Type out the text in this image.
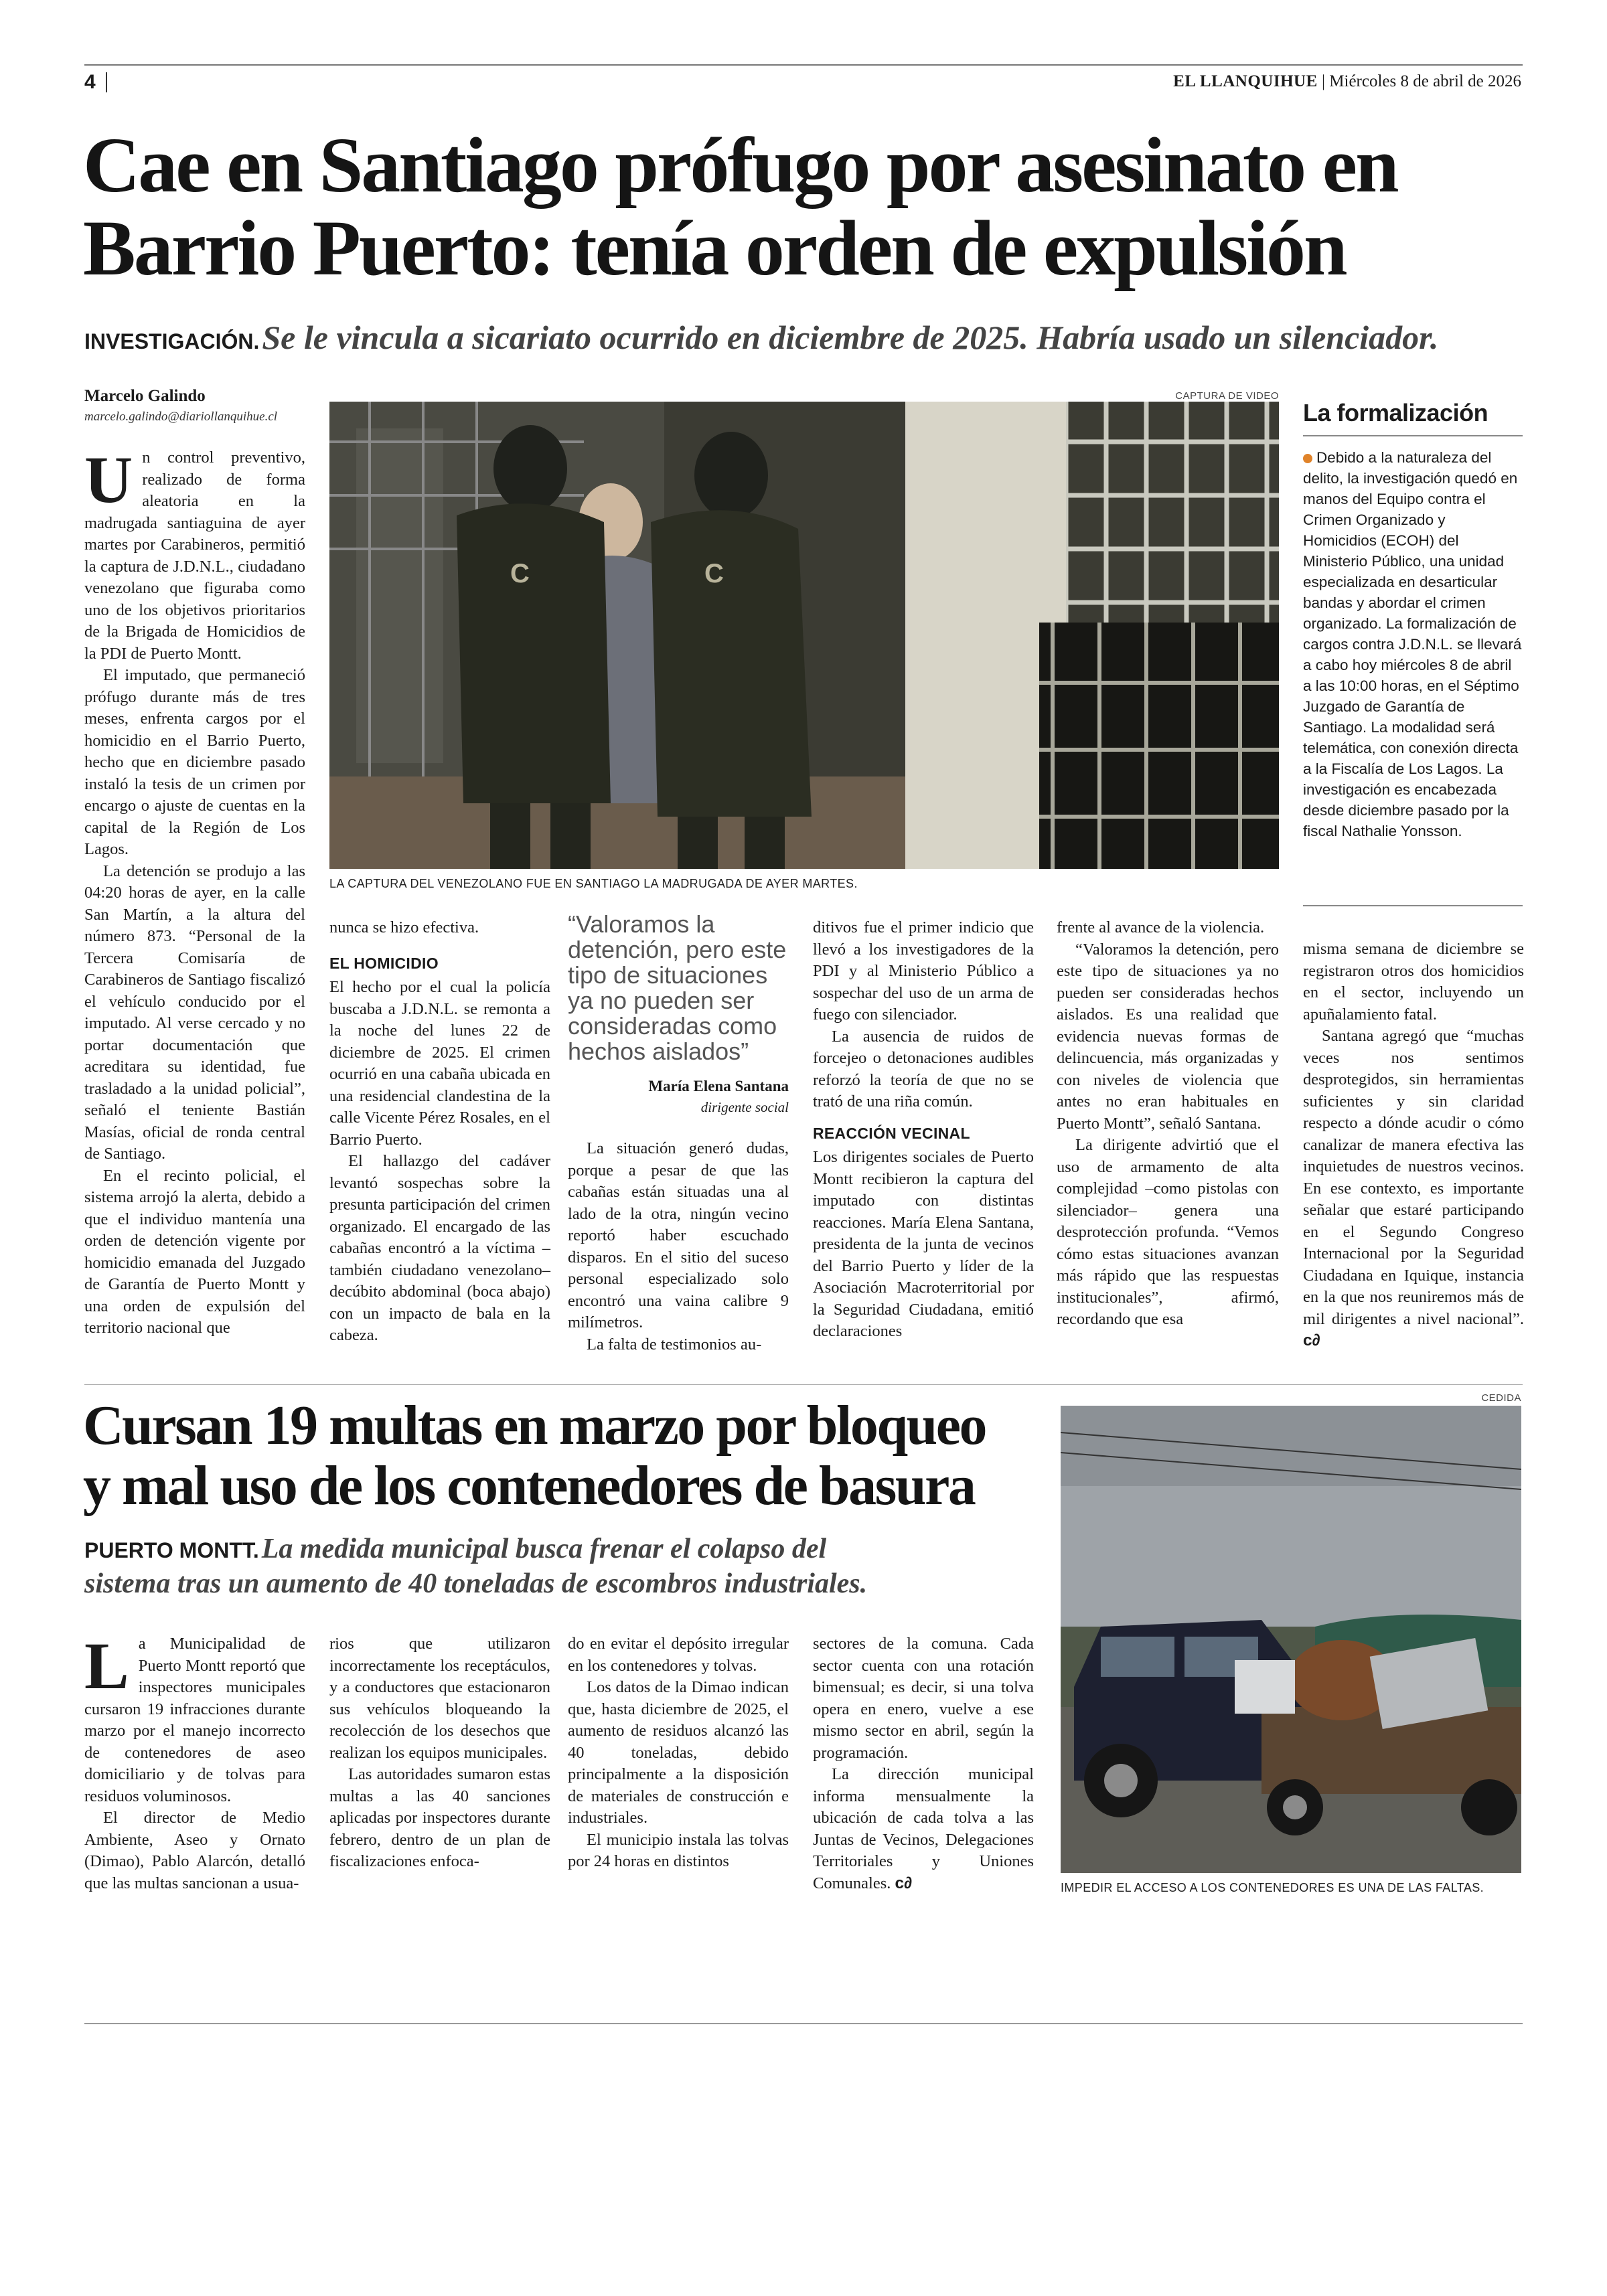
4	EL LLANQUIHUE | Miércoles 8 de abril de 2026
Cae en Santiago prófugo por asesinato en
Barrio Puerto: tenía orden de expulsión
INVESTIGACIÓN. Se le vincula a sicariato ocurrido en diciembre de 2025. Habría usado un silenciador.
Marcelo Galindo
marcelo.galindo@diariollanquihue.cl
CAPTURA DE VIDEO
C	C
LA CAPTURA DEL VENEZOLANO FUE EN SANTIAGO LA MADRUGADA DE AYER MARTES.

Un control preventivo, realizado de forma aleatoria en la madrugada santiaguina de ayer martes por Carabineros, permitió la captura de J.D.N.L., ciudadano venezolano que figuraba como uno de los objetivos prioritarios de la Brigada de Homicidios de la PDI de Puerto Montt.

El imputado, que permaneció prófugo durante más de tres meses, enfrenta cargos por el homicidio en el Barrio Puerto, hecho que en diciembre pasado instaló la tesis de un crimen por encargo o ajuste de cuentas en la capital de la Región de Los Lagos.

La detención se produjo a las 04:20 horas de ayer, en la calle San Martín, a la altura del número 873. “Personal de la Tercera Comisaría de Carabineros de Santiago fiscalizó el vehículo conducido por el imputado. Al verse cercado y no portar documentación que acreditara su identidad, fue trasladado a la unidad policial”, señaló el teniente Bastián Masías, oficial de ronda central de Santiago.

En el recinto policial, el sistema arrojó la alerta, debido a que el individuo mantenía una orden de detención vigente por homicidio emanada del Juzgado de Garantía de Puerto Montt y una orden de expulsión del territorio nacional que

nunca se hizo efectiva.

EL HOMICIDIO

El hecho por el cual la policía buscaba a J.D.N.L. se remonta a la noche del lunes 22 de diciembre de 2025. El crimen ocurrió en una cabaña ubicada en una residencial clandestina de la calle Vicente Pérez Rosales, en el Barrio Puerto.

El hallazgo del cadáver levantó sospechas sobre la presunta participación del crimen organizado. El encargado de las cabañas encontró a la víctima –también ciudadano venezolano– decúbito abdominal (boca abajo) con un impacto de bala en la cabeza.

“Valoramos la detención, pero este tipo de situaciones ya no pueden ser consideradas como hechos aislados”
María Elena Santana
dirigente social

La situación generó dudas, porque a pesar de que las cabañas están situadas una al lado de la otra, ningún vecino reportó haber escuchado disparos. En el sitio del suceso personal especializado solo encontró una vaina calibre 9 milímetros.

La falta de testimonios au-

ditivos fue el primer indicio que llevó a los investigadores de la PDI y al Ministerio Público a sospechar del uso de un arma de fuego con silenciador.

La ausencia de ruidos de forcejeo o detonaciones audibles reforzó la teoría de que no se trató de una riña común.

REACCIÓN VECINAL

Los dirigentes sociales de Puerto Montt recibieron la captura del imputado con distintas reacciones. María Elena Santana, presidenta de la junta de vecinos del Barrio Puerto y líder de la Asociación Macroterritorial por la Seguridad Ciudadana, emitió declaraciones

frente al avance de la violencia.

“Valoramos la detención, pero este tipo de situaciones ya no pueden ser consideradas hechos aislados. Es una realidad que evidencia nuevas formas de delincuencia, más organizadas y con niveles de violencia que antes no eran habituales en Puerto Montt”, señaló Santana.

La dirigente advirtió que el uso de armamento de alta complejidad –como pistolas con silenciador– genera una desprotección profunda. “Vemos cómo estas situaciones avanzan más rápido que las respuestas institucionales”, afirmó, recordando que esa

La formalización
Debido a la naturaleza del delito, la investigación quedó en manos del Equipo contra el Crimen Organizado y Homicidios (ECOH) del Ministerio Público, una unidad especializada en desarticular bandas y abordar el crimen organizado. La formalización de cargos contra J.D.N.L. se llevará a cabo hoy miércoles 8 de abril a las 10:00 horas, en el Séptimo Juzgado de Garantía de Santiago. La modalidad será telemática, con conexión directa a la Fiscalía de Los Lagos. La investigación es encabezada desde diciembre pasado por la fiscal Nathalie Yonsson.

misma semana de diciembre se registraron otros dos homicidios en el sector, incluyendo un apuñalamiento fatal.

Santana agregó que “muchas veces nos sentimos desprotegidos, sin herramientas suficientes y sin claridad respecto a dónde acudir o cómo canalizar de manera efectiva las inquietudes de nuestros vecinos. En ese contexto, es importante señalar que estaré participando en el Segundo Congreso Internacional por la Seguridad Ciudadana en Iquique, instancia en la que nos reuniremos más de mil dirigentes a nivel nacional”. c∂

Cursan 19 multas en marzo por bloqueo
y mal uso de los contenedores de basura
PUERTO MONTT. La medida municipal busca frenar el colapso del
sistema tras un aumento de 40 toneladas de escombros industriales.

La Municipalidad de Puerto Montt reportó que inspectores municipales cursaron 19 infracciones durante marzo por el manejo incorrecto de contenedores de aseo domiciliario y de tolvas para residuos voluminosos.

El director de Medio Ambiente, Aseo y Ornato (Dimao), Pablo Alarcón, detalló que las multas sancionan a usua-

rios que utilizaron incorrectamente los receptáculos, y a conductores que estacionaron sus vehículos bloqueando la recolección de los desechos que realizan los equipos municipales.

Las autoridades sumaron estas multas a las 40 sanciones aplicadas por inspectores durante febrero, dentro de un plan de fiscalizaciones enfoca-

do en evitar el depósito irregular en los contenedores y tolvas.

Los datos de la Dimao indican que, hasta diciembre de 2025, el aumento de residuos alcanzó las 40 toneladas, debido principalmente a la disposición de materiales de construcción e industriales.

El municipio instala las tolvas por 24 horas en distintos

sectores de la comuna. Cada sector cuenta con una rotación bimensual; es decir, si una tolva opera en enero, vuelve a ese mismo sector en abril, según la programación.

La dirección municipal informa mensualmente la ubicación de cada tolva a las Juntas de Vecinos, Delegaciones Territoriales y Uniones Comunales. c∂

CEDIDA
IMPEDIR EL ACCESO A LOS CONTENEDORES ES UNA DE LAS FALTAS.
